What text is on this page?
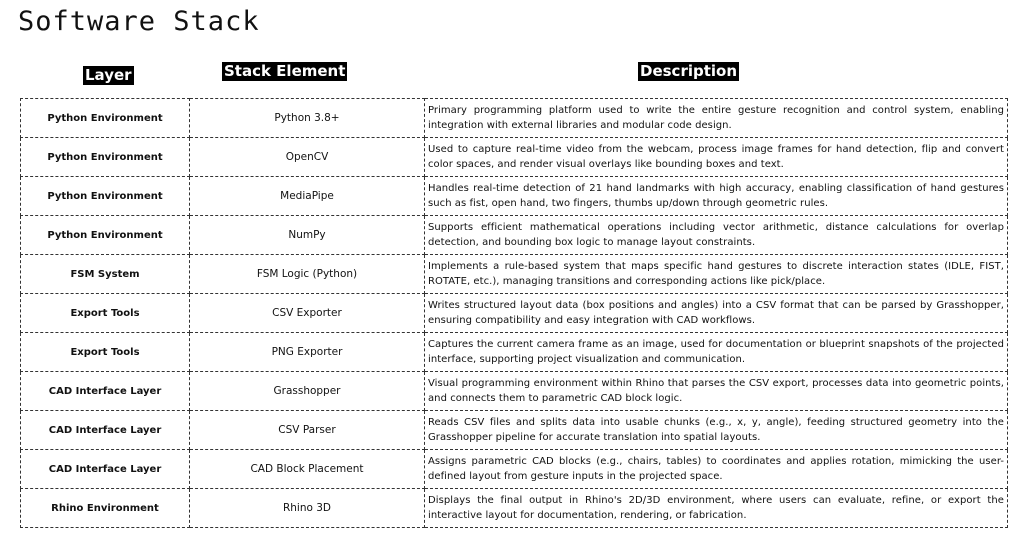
Software Stack
Layer	Stack Element	Description
Python Environment	Python 3.8+	Primary programming platform used to write the entire gesture recognition and control system, enabling integration with external libraries and modular code design.
Python Environment	OpenCV	Used to capture real-time video from the webcam, process image frames for hand detection, flip and convert color spaces, and render visual overlays like bounding boxes and text.
Python Environment	MediaPipe	Handles real-time detection of 21 hand landmarks with high accuracy, enabling classification of hand gestures such as fist, open hand, two fingers, thumbs up/down through geometric rules.
Python Environment	NumPy	Supports efficient mathematical operations including vector arithmetic, distance calculations for overlap detection, and bounding box logic to manage layout constraints.
FSM System	FSM Logic (Python)	Implements a rule-based system that maps specific hand gestures to discrete interaction states (IDLE, FIST, ROTATE, etc.), managing transitions and corresponding actions like pick/place.
Export Tools	CSV Exporter	Writes structured layout data (box positions and angles) into a CSV format that can be parsed by Grasshopper, ensuring compatibility and easy integration with CAD workflows.
Export Tools	PNG Exporter	Captures the current camera frame as an image, used for documentation or blueprint snapshots of the projected interface, supporting project visualization and communication.
CAD Interface Layer	Grasshopper	Visual programming environment within Rhino that parses the CSV export, processes data into geometric points, and connects them to parametric CAD block logic.
CAD Interface Layer	CSV Parser	Reads CSV files and splits data into usable chunks (e.g., x, y, angle), feeding structured geometry into the Grasshopper pipeline for accurate translation into spatial layouts.
CAD Interface Layer	CAD Block Placement	Assigns parametric CAD blocks (e.g., chairs, tables) to coordinates and applies rotation, mimicking the user-defined layout from gesture inputs in the projected space.
Rhino Environment	Rhino 3D	Displays the final output in Rhino's 2D/3D environment, where users can evaluate, refine, or export the interactive layout for documentation, rendering, or fabrication.
